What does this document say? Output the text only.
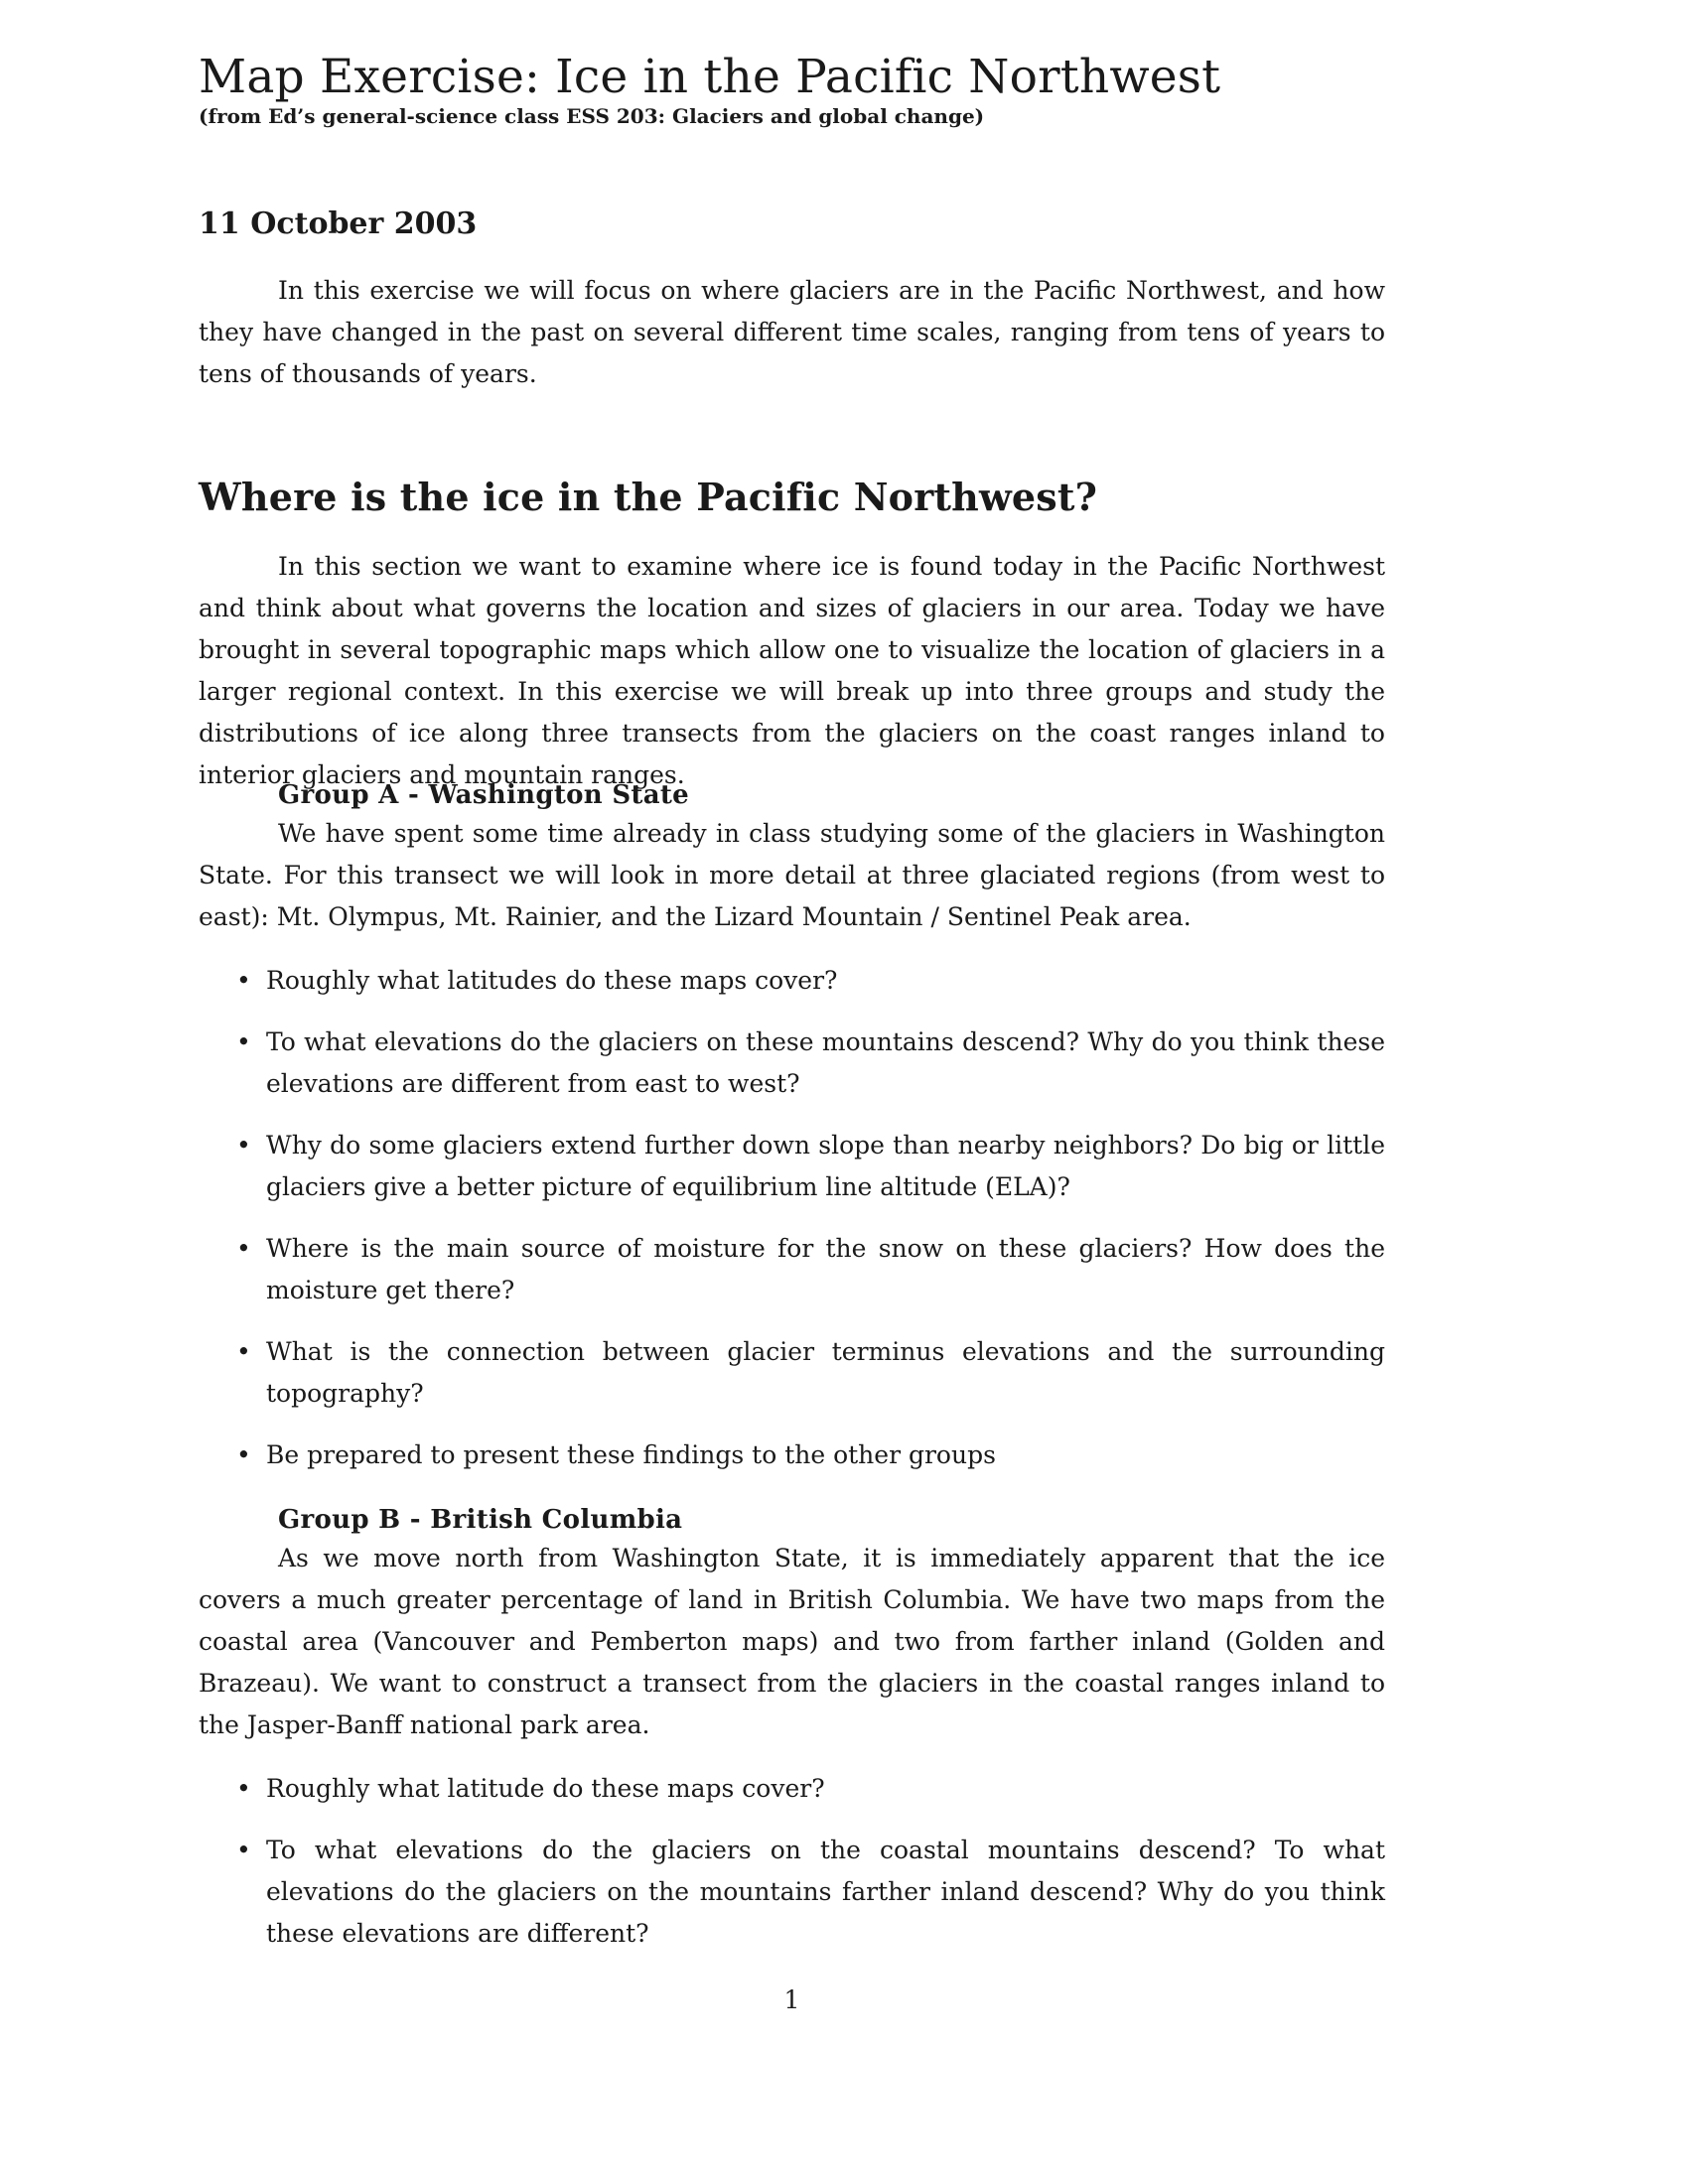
Map Exercise: Ice in the Pacific Northwest

(from Ed’s general-science class ESS 203: Glaciers and global change)

11 October 2003

In this exercise we will focus on where glaciers are in the Pacific Northwest, and how they have changed in the past on several different time scales, ranging from tens of years to tens of thousands of years.

Where is the ice in the Pacific Northwest?

In this section we want to examine where ice is found today in the Pacific Northwest and think about what governs the location and sizes of glaciers in our area. Today we have brought in several topographic maps which allow one to visualize the location of glaciers in a larger regional context. In this exercise we will break up into three groups and study the distributions of ice along three transects from the glaciers on the coast ranges inland to interior glaciers and mountain ranges.

Group A - Washington State

We have spent some time already in class studying some of the glaciers in Washington State. For this transect we will look in more detail at three glaciated regions (from west to east): Mt. Olympus, Mt. Rainier, and the Lizard Mountain / Sentinel Peak area.

• Roughly what latitudes do these maps cover?
• To what elevations do the glaciers on these mountains descend? Why do you think these elevations are different from east to west?
• Why do some glaciers extend further down slope than nearby neighbors? Do big or little glaciers give a better picture of equilibrium line altitude (ELA)?
• Where is the main source of moisture for the snow on these glaciers? How does the moisture get there?
• What is the connection between glacier terminus elevations and the surrounding topography?
• Be prepared to present these findings to the other groups
Group B - British Columbia

As we move north from Washington State, it is immediately apparent that the ice covers a much greater percentage of land in British Columbia. We have two maps from the coastal area (Vancouver and Pemberton maps) and two from farther inland (Golden and Brazeau). We want to construct a transect from the glaciers in the coastal ranges inland to the Jasper-Banff national park area.

• Roughly what latitude do these maps cover?
• To what elevations do the glaciers on the coastal mountains descend? To what elevations do the glaciers on the mountains farther inland descend? Why do you think these elevations are different?
1
